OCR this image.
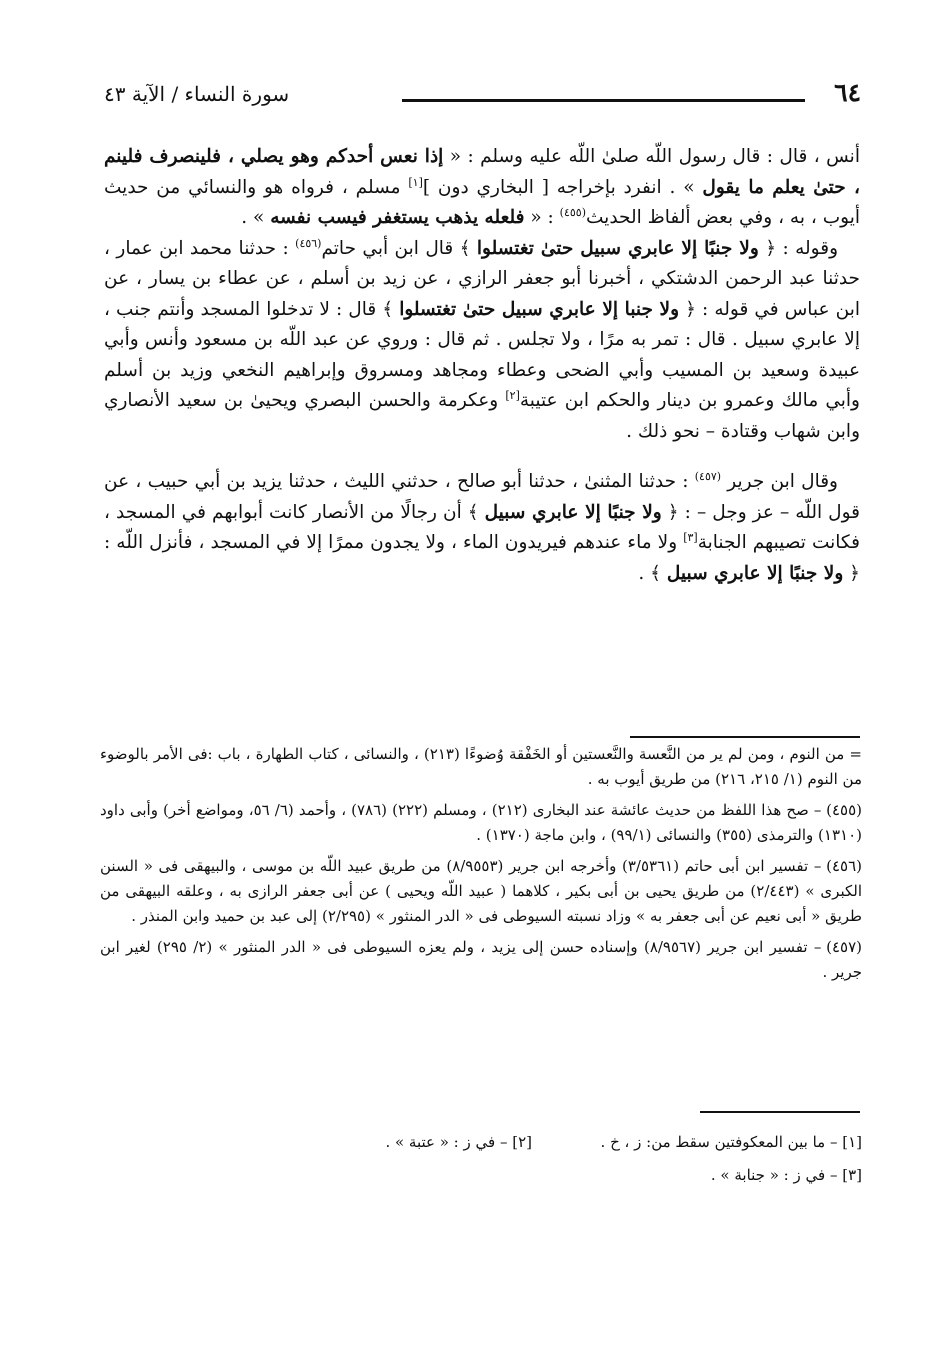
٦٤
سورة النساء / الآية ٤٣

أنس ، قال : قال رسول اللّه صلىٰ اللّه عليه وسلم : « إذا نعس أحدكم وهو يصلي ، فلينصرف فلينم ، حتىٰ يعلم ما يقول » . انفرد بإخراجه [ البخاري دون ][١] مسلم ، فرواه هو والنسائي من حديث أيوب ، به ، وفي بعض ألفاظ الحديث$^{(٤٥٥)}$ : « فلعله يذهب يستغفر فيسب نفسه » .

وقوله : ﴿ ولا جنبًا إلا عابري سبيل حتىٰ تغتسلوا ﴾ قال ابن أبي حاتم$^{(٤٥٦)}$ : حدثنا محمد ابن عمار ، حدثنا عبد الرحمن الدشتكي ، أخبرنا أبو جعفر الرازي ، عن زيد بن أسلم ، عن عطاء بن يسار ، عن ابن عباس في قوله : ﴿ ولا جنبا إلا عابري سبيل حتىٰ تغتسلوا ﴾ قال : لا تدخلوا المسجد وأنتم جنب ، إلا عابري سبيل . قال : تمر به مرًا ، ولا تجلس . ثم قال : وروي عن عبد اللّه بن مسعود وأنس وأبي عبيدة وسعيد بن المسيب وأبي الضحى وعطاء ومجاهد ومسروق وإبراهيم النخعي وزيد بن أسلم وأبي مالك وعمرو بن دينار والحكم ابن عتيبة[٢] وعكرمة والحسن البصري ويحيىٰ بن سعيد الأنصاري وابن شهاب وقتادة – نحو ذلك .

وقال ابن جرير $^{(٤٥٧)}$ : حدثنا المثنىٰ ، حدثنا أبو صالح ، حدثني الليث ، حدثنا يزيد بن أبي حبيب ، عن قول اللّه – عز وجل – : ﴿ ولا جنبًا إلا عابري سبيل ﴾ أن رجالًا من الأنصار كانت أبوابهم في المسجد ، فكانت تصيبهم الجنابة[٣] ولا ماء عندهم فيريدون الماء ، ولا يجدون ممرًا إلا في المسجد ، فأنزل اللّه : ﴿ ولا جنبًا إلا عابري سبيل ﴾ .

= من النوم ، ومن لم ير من النَّعسة والنَّعستين أو الخَفْقة وُضوءًا (٢١٣) ، والنسائى ، كتاب الطهارة ، باب :فى الأمر بالوضوء من النوم (١/ ٢١٥، ٢١٦) من طريق أيوب به .

(٤٥٥) – صح هذا اللفظ من حديث عائشة عند البخارى (٢١٢) ، ومسلم (٢٢٢) (٧٨٦) ، وأحمد (٦/ ٥٦، ومواضع أخر) وأبى داود (١٣١٠) والترمذى (٣٥٥) والنسائى (٩٩/١) ، وابن ماجة (١٣٧٠) .

(٤٥٦) – تفسير ابن أبى حاتم (٣/٥٣٦١) وأخرجه ابن جرير (٨/٩٥٥٣) من طريق عبيد اللّه بن موسى ، والبيهقى فى « السنن الكبرى » (٢/٤٤٣) من طريق يحيى بن أبى بكير ، كلاهما ( عبيد اللّه ويحيى ) عن أبى جعفر الرازى به ، وعلقه البيهقى من طريق « أبى نعيم عن أبى جعفر به » وزاد نسبته السيوطى فى « الدر المنثور » (٢/٢٩٥) إلى عبد بن حميد وابن المنذر .

(٤٥٧) – تفسير ابن جرير (٨/٩٥٦٧) وإسناده حسن إلى يزيد ، ولم يعزه السيوطى فى « الدر المنثور » (٢/ ٢٩٥) لغير ابن جرير .

[١] – ما بين المعكوفتين سقط من: ز ، خ .
[٢] – في ز : « عتبة » .
[٣] – في ز : « جنابة » .
